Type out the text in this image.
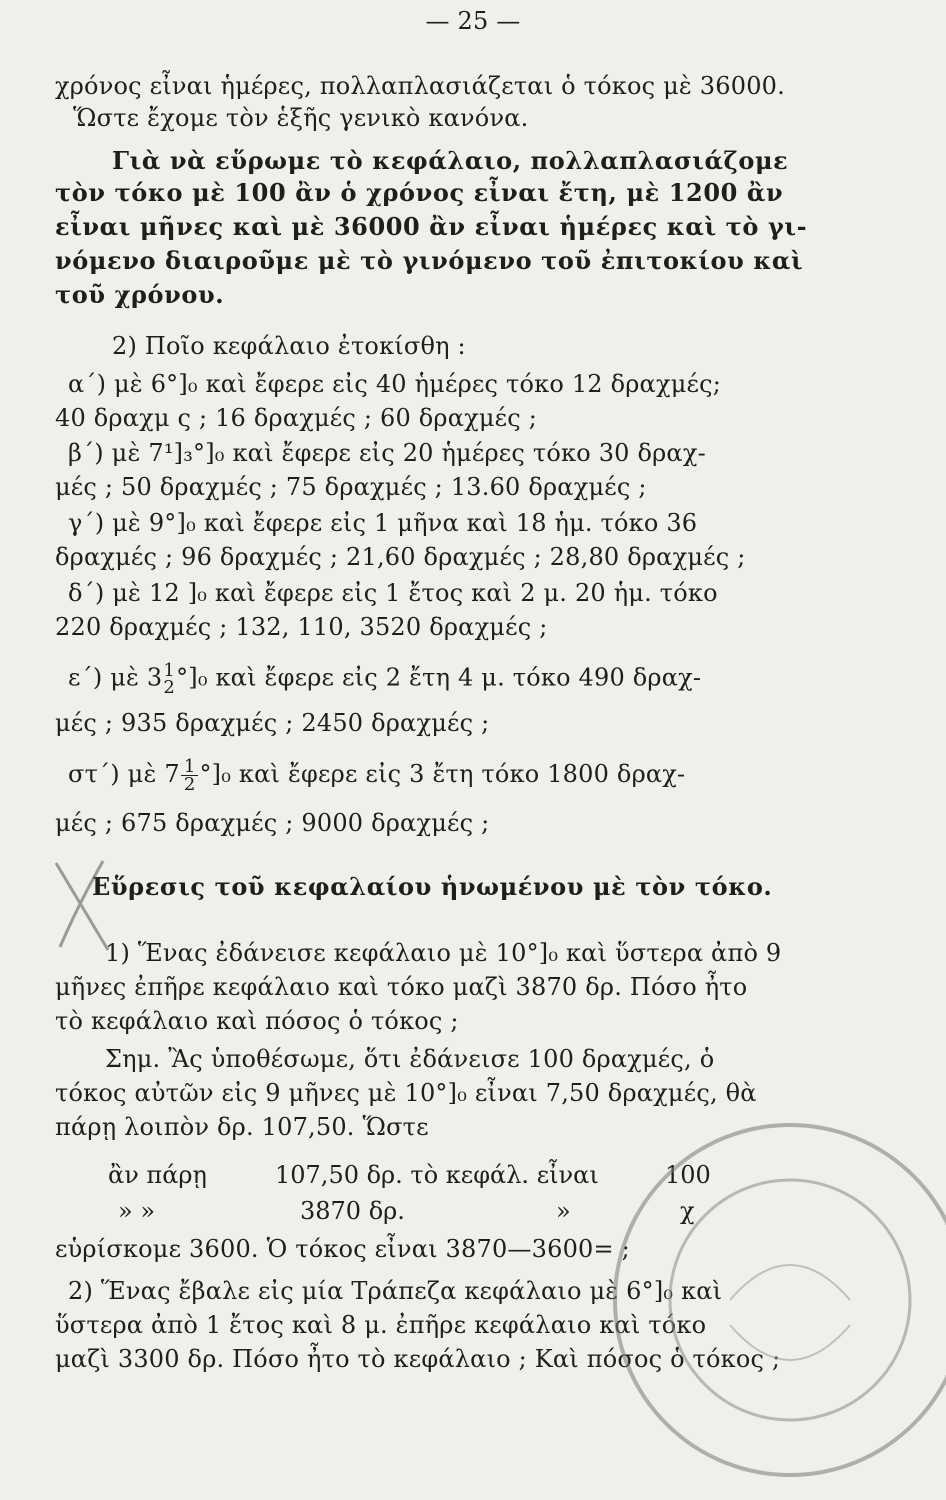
— 25 —
χρόνος εἶναι ἡμέρες, πολλαπλασιάζεται ὁ τόκος μὲ 36000.
Ὥστε ἔχομε τὸν ἑξῆς γενικὸ κανόνα.
Γιὰ νὰ εὕρωμε τὸ κεφάλαιο, πολλαπλασιάζομε
τὸν τόκο μὲ 100 ἂν ὁ χρόνος εἶναι ἔτη, μὲ 1200 ἂν
εἶναι μῆνες καὶ μὲ 36000 ἂν εἶναι ἡμέρες καὶ τὸ γι-
νόμενο διαιροῦμε μὲ τὸ γινόμενο τοῦ ἐπιτοκίου καὶ
τοῦ χρόνου.
2) Ποῖο κεφάλαιο ἐτοκίσθη :
α΄) μὲ 6°]₀ καὶ ἔφερε εἰς 40 ἡμέρες τόκο 12 δραχμές;
40 δραχμ ς ; 16 δραχμές ; 60 δραχμές ;
β΄) μὲ 7¹]₃°]₀ καὶ ἔφερε εἰς 20 ἡμέρες τόκο 30 δραχ-
μές ; 50 δραχμές ; 75 δραχμές ; 13.60 δραχμές ;
γ΄) μὲ 9°]₀ καὶ ἔφερε εἰς 1 μῆνα καὶ 18 ἡμ. τόκο 36
δραχμές ; 96 δραχμές ; 21,60 δραχμές ; 28,80 δραχμές ;
δ΄) μὲ 12 ]₀ καὶ ἔφερε εἰς 1 ἔτος καὶ 2 μ. 20 ἡμ. τόκο
220 δραχμές ; 132, 110, 3520 δραχμές ;
ε΄) μὲ 3 1
2 °]₀ καὶ ἔφερε εἰς 2 ἔτη 4 μ. τόκο 490 δραχ-
μές ; 935 δραχμές ; 2450 δραχμές ;
στ΄) μὲ $7 \frac{1}{2} ^\circ]_0$ καὶ ἔφερε εἰς 3 ἔτη τόκο 1800 δραχ-
μές ; 675 δραχμές ; 9000 δραχμές ;
Εὕρεσις τοῦ κεφαλαίου ἡνωμένου μὲ τὸν τόκο.
1) Ἕνας ἐδάνεισε κεφάλαιο μὲ 10°]₀ καὶ ὕστερα ἀπὸ 9
μῆνες ἐπῆρε κεφάλαιο καὶ τόκο μαζὶ 3870 δρ. Πόσο ἦτο
τὸ κεφάλαιο καὶ πόσος ὁ τόκος ;
Σημ. Ἂς ὑποθέσωμε, ὅτι ἐδάνεισε 100 δραχμές, ὁ
τόκος αὐτῶν εἰς 9 μῆνες μὲ 10°]₀ εἶναι 7,50 δραχμές, θὰ
πάρῃ λοιπὸν δρ. 107,50. Ὥστε
ἂν πάρῃ	107,50 δρ. τὸ κεφάλ. εἶναι	100
» »	3870 δρ.	»	χ
εὑρίσκομε 3600. Ὁ τόκος εἶναι 3870—3600= ;
2) Ἕνας ἔβαλε εἰς μία Τράπεζα κεφάλαιο μὲ 6°]₀ καὶ
ὕστερα ἀπὸ 1 ἔτος καὶ 8 μ. ἐπῆρε κεφάλαιο καὶ τόκο
μαζὶ 3300 δρ. Πόσο ἦτο τὸ κεφάλαιο ; Καὶ πόσος ὁ τόκος ;
